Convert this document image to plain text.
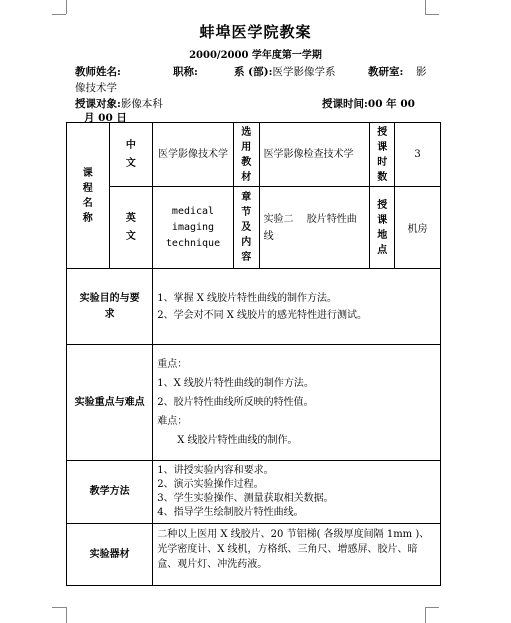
蚌埠医学院教案
2000/2000 学年度第一学期
教师姓名:	职称:	系 (部):医学影像学系	教研室: 影
像技术学
授课对象:影像本科	授课时间:00 年 00
月 00 日
课程名称	中文	医学影像技术学	选用教材	医学影像检查技术学	授课时数	3

	英文	medical imaging technique	章节及内容	实验二　 胶片特性曲线	授课地点	机房

实验目的与要求		1、掌握 X 线胶片特性曲线的制作方法。
2、学会对不同 X 线胶片的感光特性进行测试。				

实验重点与难点		重点：
1、X 线胶片特性曲线的制作方法。
2、胶片特性曲线所反映的特性值。
难点：
X 线胶片特性曲线的制作。				

教学方法		1、讲授实验内容和要求。
2、演示实验操作过程。
3、学生实验操作、测量获取相关数据。
4、指导学生绘制胶片特性曲线。				

实验器材		二种以上医用 X 线胶片、20 节铝梯( 各级厚度间隔 1mm )、光学密度计、X 线机，方格纸、三角尺、增感屏、胶片、暗盒、观片灯、冲洗药液。				
